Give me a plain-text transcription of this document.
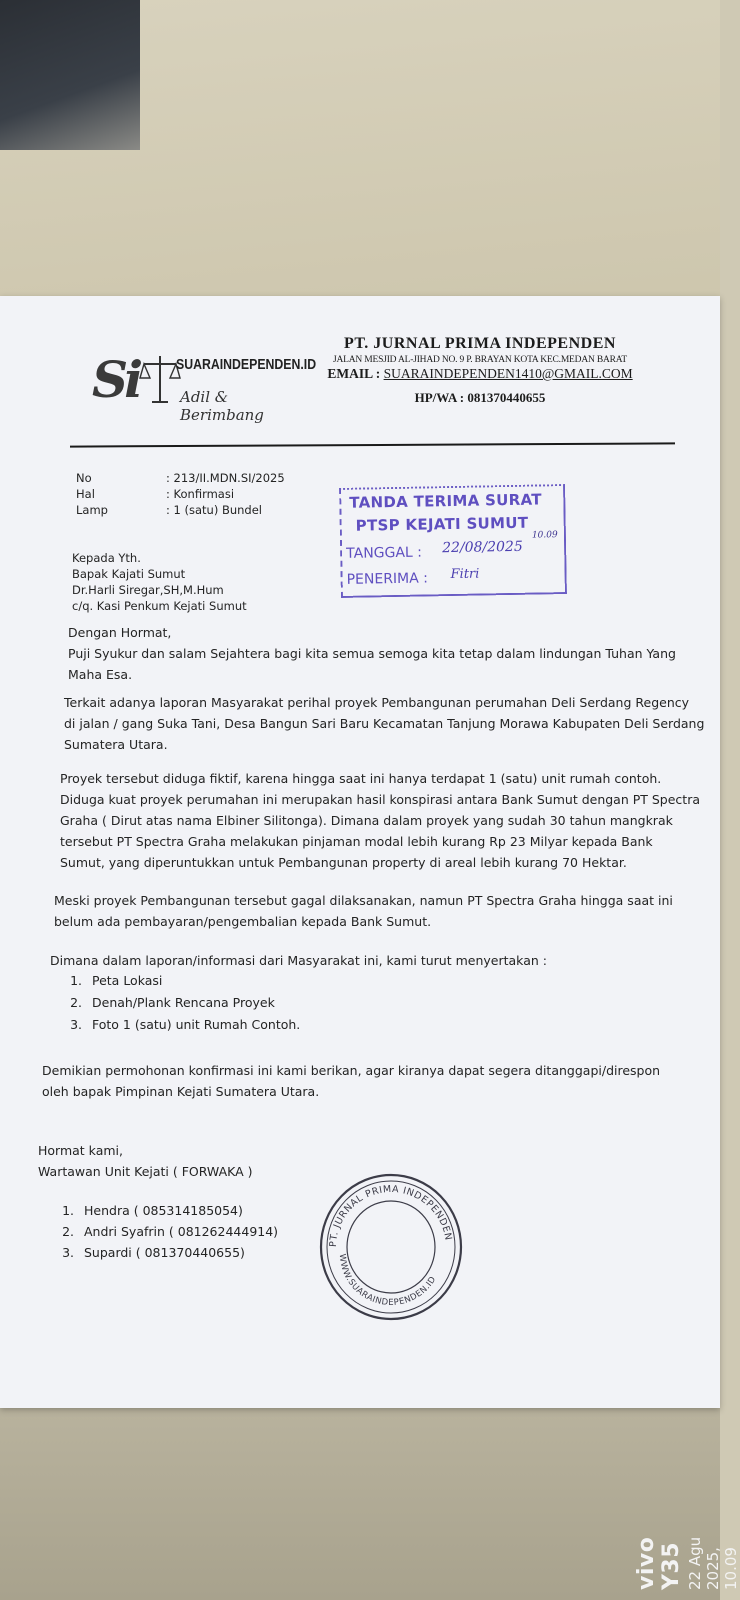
Si SUARAINDEPENDEN.ID
Adil & Berimbang
PT. JURNAL PRIMA INDEPENDEN
JALAN MESJID AL-JIHAD NO. 9 P. BRAYAN KOTA KEC.MEDAN BARAT
EMAIL : SUARAINDEPENDEN1410@GMAIL.COM
HP/WA : 081370440655
No	: 213/II.MDN.SI/2025
Hal	: Konfirmasi
Lamp	: 1 (satu) Bundel	TANDA TERIMA SURAT
PTSP KEJATI SUMUT
TANGGAL : 22/08/2025
10.09
PENERIMA : Fitri
Kepada Yth.
Bapak Kajati Sumut
Dr.Harli Siregar,SH,M.Hum
c/q. Kasi Penkum Kejati Sumut
Dengan Hormat,
Puji Syukur dan salam Sejahtera bagi kita semua semoga kita tetap dalam lindungan Tuhan Yang
Maha Esa.
Terkait adanya laporan Masyarakat perihal proyek Pembangunan perumahan Deli Serdang Regency
di jalan / gang Suka Tani, Desa Bangun Sari Baru Kecamatan Tanjung Morawa Kabupaten Deli Serdang
Sumatera Utara.
Proyek tersebut diduga fiktif, karena hingga saat ini hanya terdapat 1 (satu) unit rumah contoh.
Diduga kuat proyek perumahan ini merupakan hasil konspirasi antara Bank Sumut dengan PT Spectra
Graha ( Dirut atas nama Elbiner Silitonga). Dimana dalam proyek yang sudah 30 tahun mangkrak
tersebut PT Spectra Graha melakukan pinjaman modal lebih kurang Rp 23 Milyar kepada Bank
Sumut, yang diperuntukkan untuk Pembangunan property di areal lebih kurang 70 Hektar.
Meski proyek Pembangunan tersebut gagal dilaksanakan, namun PT Spectra Graha hingga saat ini
belum ada pembayaran/pengembalian kepada Bank Sumut.
Dimana dalam laporan/informasi dari Masyarakat ini, kami turut menyertakan :
1. Peta Lokasi
2. Denah/Plank Rencana Proyek
3. Foto 1 (satu) unit Rumah Contoh.
Demikian permohonan konfirmasi ini kami berikan, agar kiranya dapat segera ditanggapi/direspon
oleh bapak Pimpinan Kejati Sumatera Utara.
Hormat kami,
Wartawan Unit Kejati ( FORWAKA )
1. Hendra ( 085314185054)
2. Andri Syafrin ( 081262444914)
3. Supardi ( 081370440655)
PT. JURNAL PRIMA INDEPENDEN
WWW.SUARAINDEPENDEN.ID
vivo Y35 22 Agu 2025, 10.09
